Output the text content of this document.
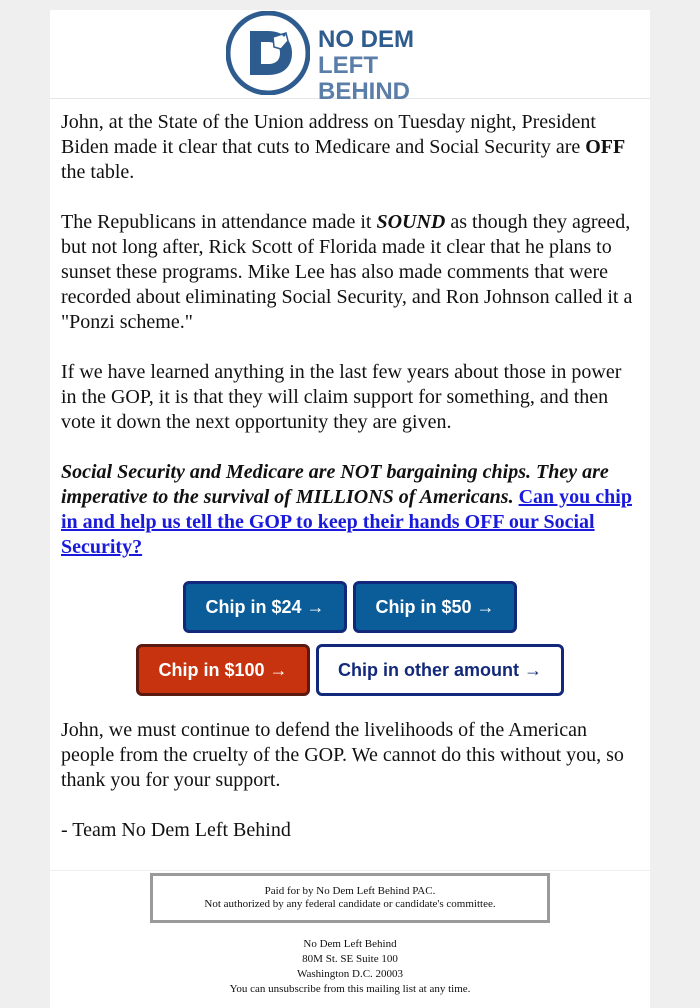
NO DEM
LEFT BEHIND

John, at the State of the Union address on Tuesday night, President Biden made it clear that cuts to Medicare and Social Security are OFF the table.

The Republicans in attendance made it SOUND as though they agreed, but not long after, Rick Scott of Florida made it clear that he plans to sunset these programs. Mike Lee has also made comments that were recorded about eliminating Social Security, and Ron Johnson called it a "Ponzi scheme."

If we have learned anything in the last few years about those in power in the GOP, it is that they will claim support for something, and then vote it down the next opportunity they are given.

Social Security and Medicare are NOT bargaining chips. They are imperative to the survival of MILLIONS of Americans. Can you chip in and help us tell the GOP to keep their hands OFF our Social Security?

Chip in $24 →	Chip in $50 →
Chip in $100 →	Chip in other amount →

John, we must continue to defend the livelihoods of the American people from the cruelty of the GOP. We cannot do this without you, so thank you for your support.

- Team No Dem Left Behind

Paid for by No Dem Left Behind PAC.
Not authorized by any federal candidate or candidate's committee.
No Dem Left Behind
80M St. SE Suite 100
Washington D.C. 20003
You can unsubscribe from this mailing list at any time.
